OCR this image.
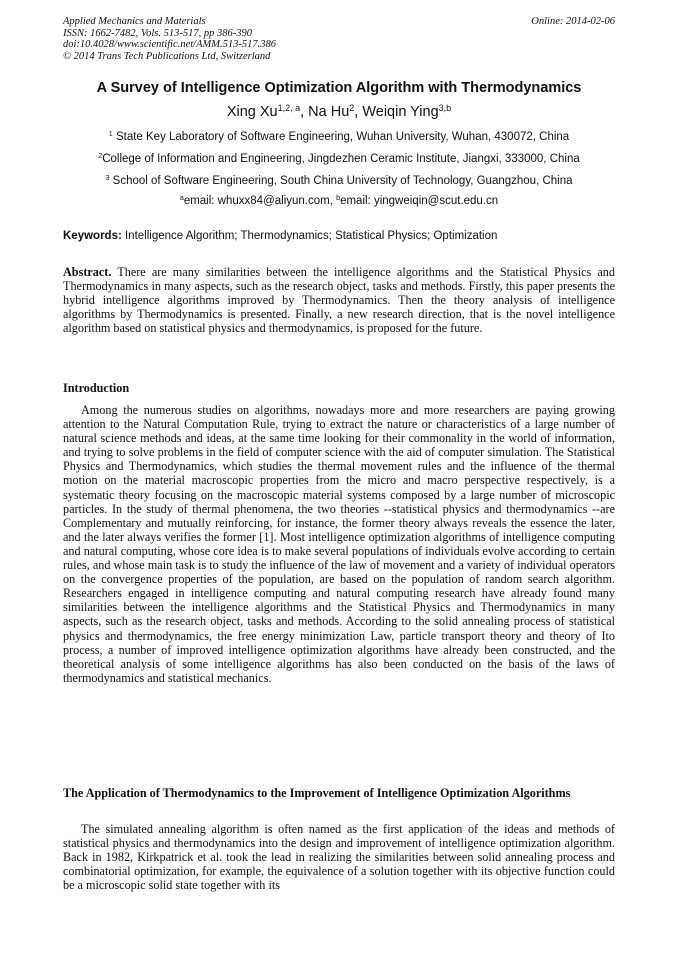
Applied Mechanics and Materials
ISSN: 1662-7482, Vols. 513-517, pp 386-390
doi:10.4028/www.scientific.net/AMM.513-517.386
© 2014 Trans Tech Publications Ltd, Switzerland
Online: 2014-02-06
A Survey of Intelligence Optimization Algorithm with Thermodynamics
Xing Xu$^{1,2, a}$, Na Hu$^2$, Weiqin Ying$^{3,b}$
$^1$ State Key Laboratory of Software Engineering, Wuhan University, Wuhan, 430072, China
$^2$College of Information and Engineering, Jingdezhen Ceramic Institute, Jiangxi, 333000, China
$^3$ School of Software Engineering, South China University of Technology, Guangzhou, China
$^a$email: whuxx84@aliyun.com, $^b$email: yingweiqin@scut.edu.cn
Keywords: Intelligence Algorithm; Thermodynamics; Statistical Physics; Optimization
Abstract. There are many similarities between the intelligence algorithms and the Statistical Physics and Thermodynamics in many aspects, such as the research object, tasks and methods. Firstly, this paper presents the hybrid intelligence algorithms improved by Thermodynamics. Then the theory analysis of intelligence algorithms by Thermodynamics is presented. Finally, a new research direction, that is the novel intelligence algorithm based on statistical physics and thermodynamics, is proposed for the future.
Introduction
Among the numerous studies on algorithms, nowadays more and more researchers are paying growing attention to the Natural Computation Rule, trying to extract the nature or characteristics of a large number of natural science methods and ideas, at the same time looking for their commonality in the world of information, and trying to solve problems in the field of computer science with the aid of computer simulation. The Statistical Physics and Thermodynamics, which studies the thermal movement rules and the influence of the thermal motion on the material macroscopic properties from the micro and macro perspective respectively, is a systematic theory focusing on the macroscopic material systems composed by a large number of microscopic particles. In the study of thermal phenomena, the two theories --statistical physics and thermodynamics --are Complementary and mutually reinforcing, for instance, the former theory always reveals the essence the later, and the later always verifies the former [1]. Most intelligence optimization algorithms of intelligence computing and natural computing, whose core idea is to make several populations of individuals evolve according to certain rules, and whose main task is to study the influence of the law of movement and a variety of individual operators on the convergence properties of the population, are based on the population of random search algorithm. Researchers engaged in intelligence computing and natural computing research have already found many similarities between the intelligence algorithms and the Statistical Physics and Thermodynamics in many aspects, such as the research object, tasks and methods. According to the solid annealing process of statistical physics and thermodynamics, the free energy minimization Law, particle transport theory and theory of Ito process, a number of improved intelligence optimization algorithms have already been constructed, and the theoretical analysis of some intelligence algorithms has also been conducted on the basis of the laws of thermodynamics and statistical mechanics.
The Application of Thermodynamics to the Improvement of Intelligence Optimization Algorithms
The simulated annealing algorithm is often named as the first application of the ideas and methods of statistical physics and thermodynamics into the design and improvement of intelligence optimization algorithm. Back in 1982, Kirkpatrick et al. took the lead in realizing the similarities between solid annealing process and combinatorial optimization, for example, the equivalence of a solution together with its objective function could be a microscopic solid state together with its
